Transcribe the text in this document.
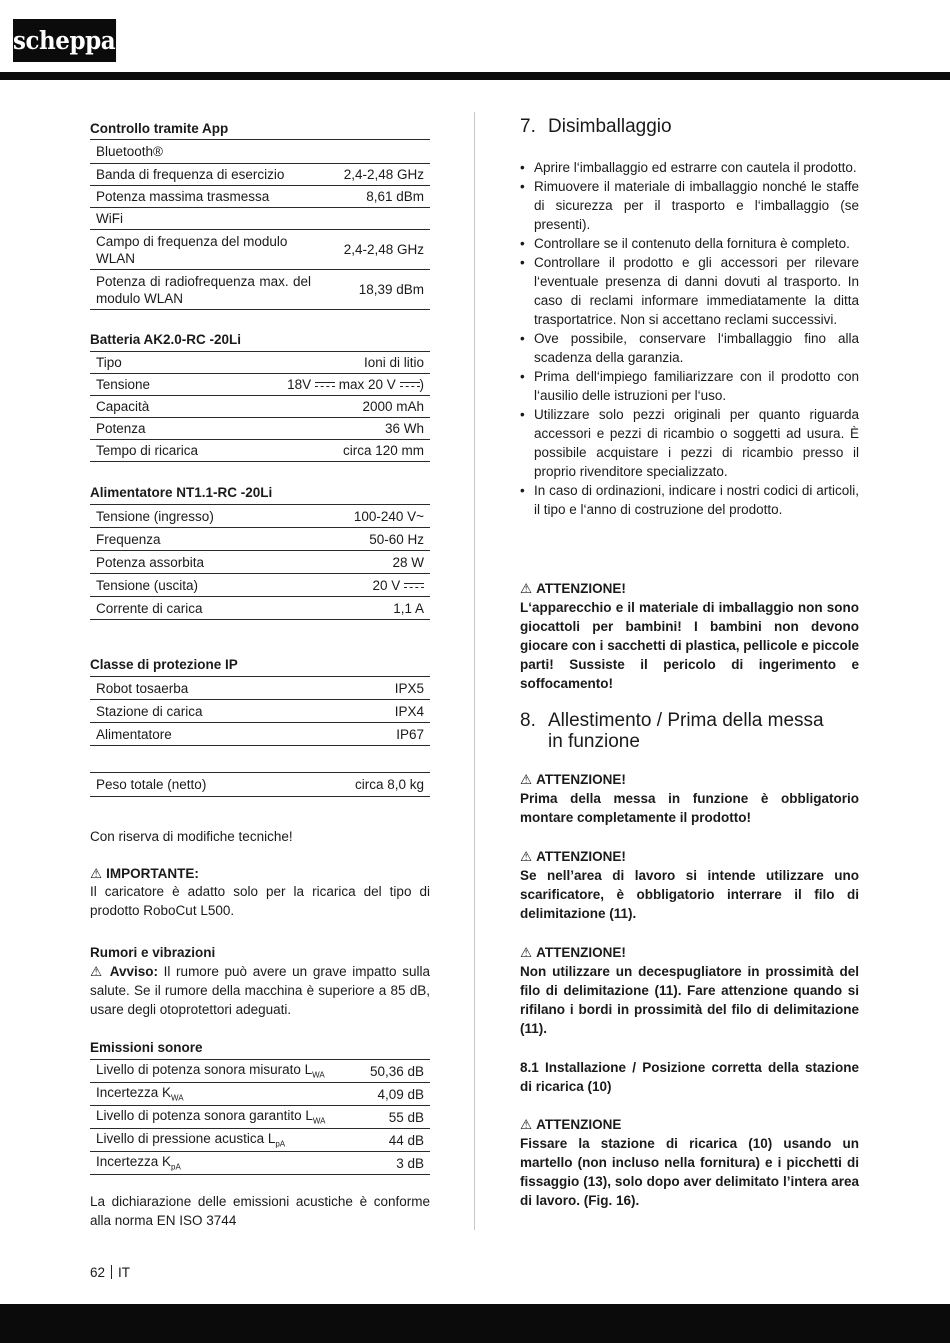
scheppach
Controllo tramite App
Bluetooth®	
Banda di frequenza di esercizio	2,4-2,48 GHz
Potenza massima trasmessa	8,61 dBm
WiFi	
Campo di frequenza del modulo WLAN	2,4-2,48 GHz
Potenza di radiofrequenza max. del modulo WLAN	18,39 dBm
Batteria AK2.0-RC -20Li
Tipo	Ioni di litio
Tensione	18V max 20 V )
Capacità	2000 mAh
Potenza	36 Wh
Tempo di ricarica	circa 120 mm
Alimentatore NT1.1-RC -20Li
Tensione (ingresso)	100-240 V~
Frequenza	50-60 Hz
Potenza assorbita	28 W
Tensione (uscita)	20 V
Corrente di carica	1,1 A
Classe di protezione IP
Robot tosaerba	IPX5
Stazione di carica	IPX4
Alimentatore	IP67
Peso totale (netto)	circa 8,0 kg
Con riserva di modifiche tecniche!
⚠ IMPORTANTE:
Il caricatore è adatto solo per la ricarica del tipo di prodotto RoboCut L500.
Rumori e vibrazioni
⚠ Avviso: Il rumore può avere un grave impatto sulla salute. Se il rumore della macchina è superiore a 85 dB, usare degli otoprotettori adeguati.
Emissioni sonore
Livello di potenza sonora misurato $L_{WA}$	50,36 dB
Incertezza $K_{WA}$	4,09 dB
Livello di potenza sonora garantito $L_{WA}$	55 dB
Livello di pressione acustica $L_{pA}$	44 dB
Incertezza $K_{pA}$	3 dB
La dichiarazione delle emissioni acustiche è conforme alla norma EN ISO 3744
7. Disimballaggio
• Aprire l‘imballaggio ed estrarre con cautela il prodotto.
• Rimuovere il materiale di imballaggio nonché le staffe di sicurezza per il trasporto e l‘imballaggio (se presenti).
• Controllare se il contenuto della fornitura è completo.
• Controllare il prodotto e gli accessori per rilevare l‘eventuale presenza di danni dovuti al trasporto. In caso di reclami informare immediatamente la ditta trasportatrice. Non si accettano reclami successivi.
• Ove possibile, conservare l‘imballaggio fino alla scadenza della garanzia.
• Prima dell‘impiego familiarizzare con il prodotto con l‘ausilio delle istruzioni per l‘uso.
• Utilizzare solo pezzi originali per quanto riguarda accessori e pezzi di ricambio o soggetti ad usura. È possibile acquistare i pezzi di ricambio presso il proprio rivenditore specializzato.
• In caso di ordinazioni, indicare i nostri codici di articoli, il tipo e l‘anno di costruzione del prodotto.
⚠ ATTENZIONE!
L‘apparecchio e il materiale di imballaggio non sono giocattoli per bambini! I bambini non devono giocare con i sacchetti di plastica, pellicole e piccole parti! Sussiste il pericolo di ingerimento e soffocamento!
8. Allestimento / Prima della messa
in funzione
⚠ ATTENZIONE!
Prima della messa in funzione è obbligatorio montare completamente il prodotto!
⚠ ATTENZIONE!
Se nell’area di lavoro si intende utilizzare uno scarificatore, è obbligatorio interrare il filo di delimitazione (11).
⚠ ATTENZIONE!
Non utilizzare un decespugliatore in prossimità del filo di delimitazione (11). Fare attenzione quando si rifilano i bordi in prossimità del filo di delimitazione (11).
8.1 Installazione / Posizione corretta della stazione di ricarica (10)
⚠ ATTENZIONE
Fissare la stazione di ricarica (10) usando un martello (non incluso nella fornitura) e i picchetti di fissaggio (13), solo dopo aver delimitato l’intera area di lavoro. (Fig. 16).
62 IT
